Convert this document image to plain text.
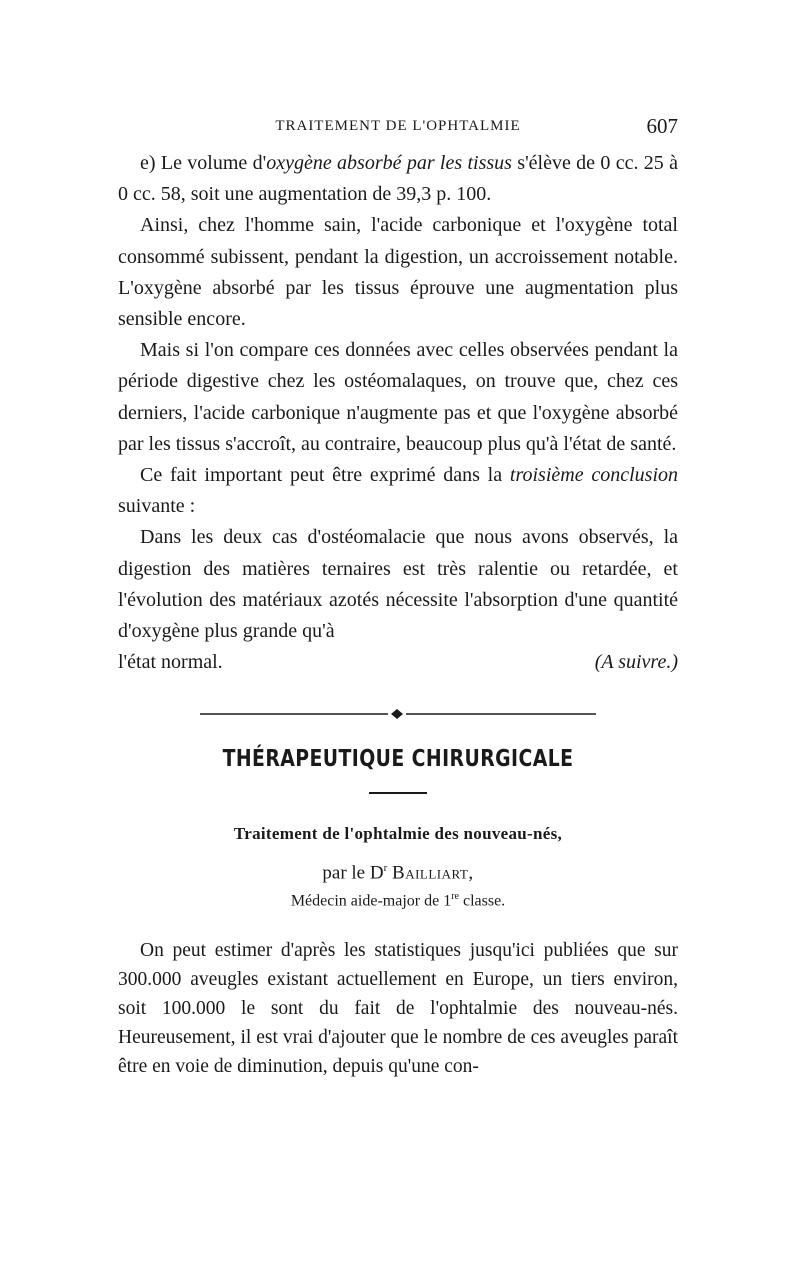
TRAITEMENT DE L'OPHTALMIE	607

e) Le volume d'oxygène absorbé par les tissus s'élève de 0 cc. 25 à 0 cc. 58, soit une augmentation de 39,3 p. 100.

Ainsi, chez l'homme sain, l'acide carbonique et l'oxygène total consommé subissent, pendant la digestion, un accroissement notable. L'oxygène absorbé par les tissus éprouve une augmentation plus sensible encore.

Mais si l'on compare ces données avec celles observées pendant la période digestive chez les ostéomalaques, on trouve que, chez ces derniers, l'acide carbonique n'augmente pas et que l'oxygène absorbé par les tissus s'accroît, au contraire, beaucoup plus qu'à l'état de santé.

Ce fait important peut être exprimé dans la troisième conclusion suivante :

Dans les deux cas d'ostéomalacie que nous avons observés, la digestion des matières ternaires est très ralentie ou retardée, et l'évolution des matériaux azotés nécessite l'absorption d'une quantité d'oxygène plus grande qu'à
l'état normal.	(A suivre.)

THÉRAPEUTIQUE CHIRURGICALE
Traitement de l'ophtalmie des nouveau-nés,
par le $D^r$ Bailliart,
Médecin aide-major de 1re classe.

On peut estimer d'après les statistiques jusqu'ici publiées que sur 300.000 aveugles existant actuellement en Europe, un tiers environ, soit 100.000 le sont du fait de l'ophtalmie des nouveau-nés. Heureusement, il est vrai d'ajouter que le nombre de ces aveugles paraît être en voie de diminution, depuis qu'une con-
